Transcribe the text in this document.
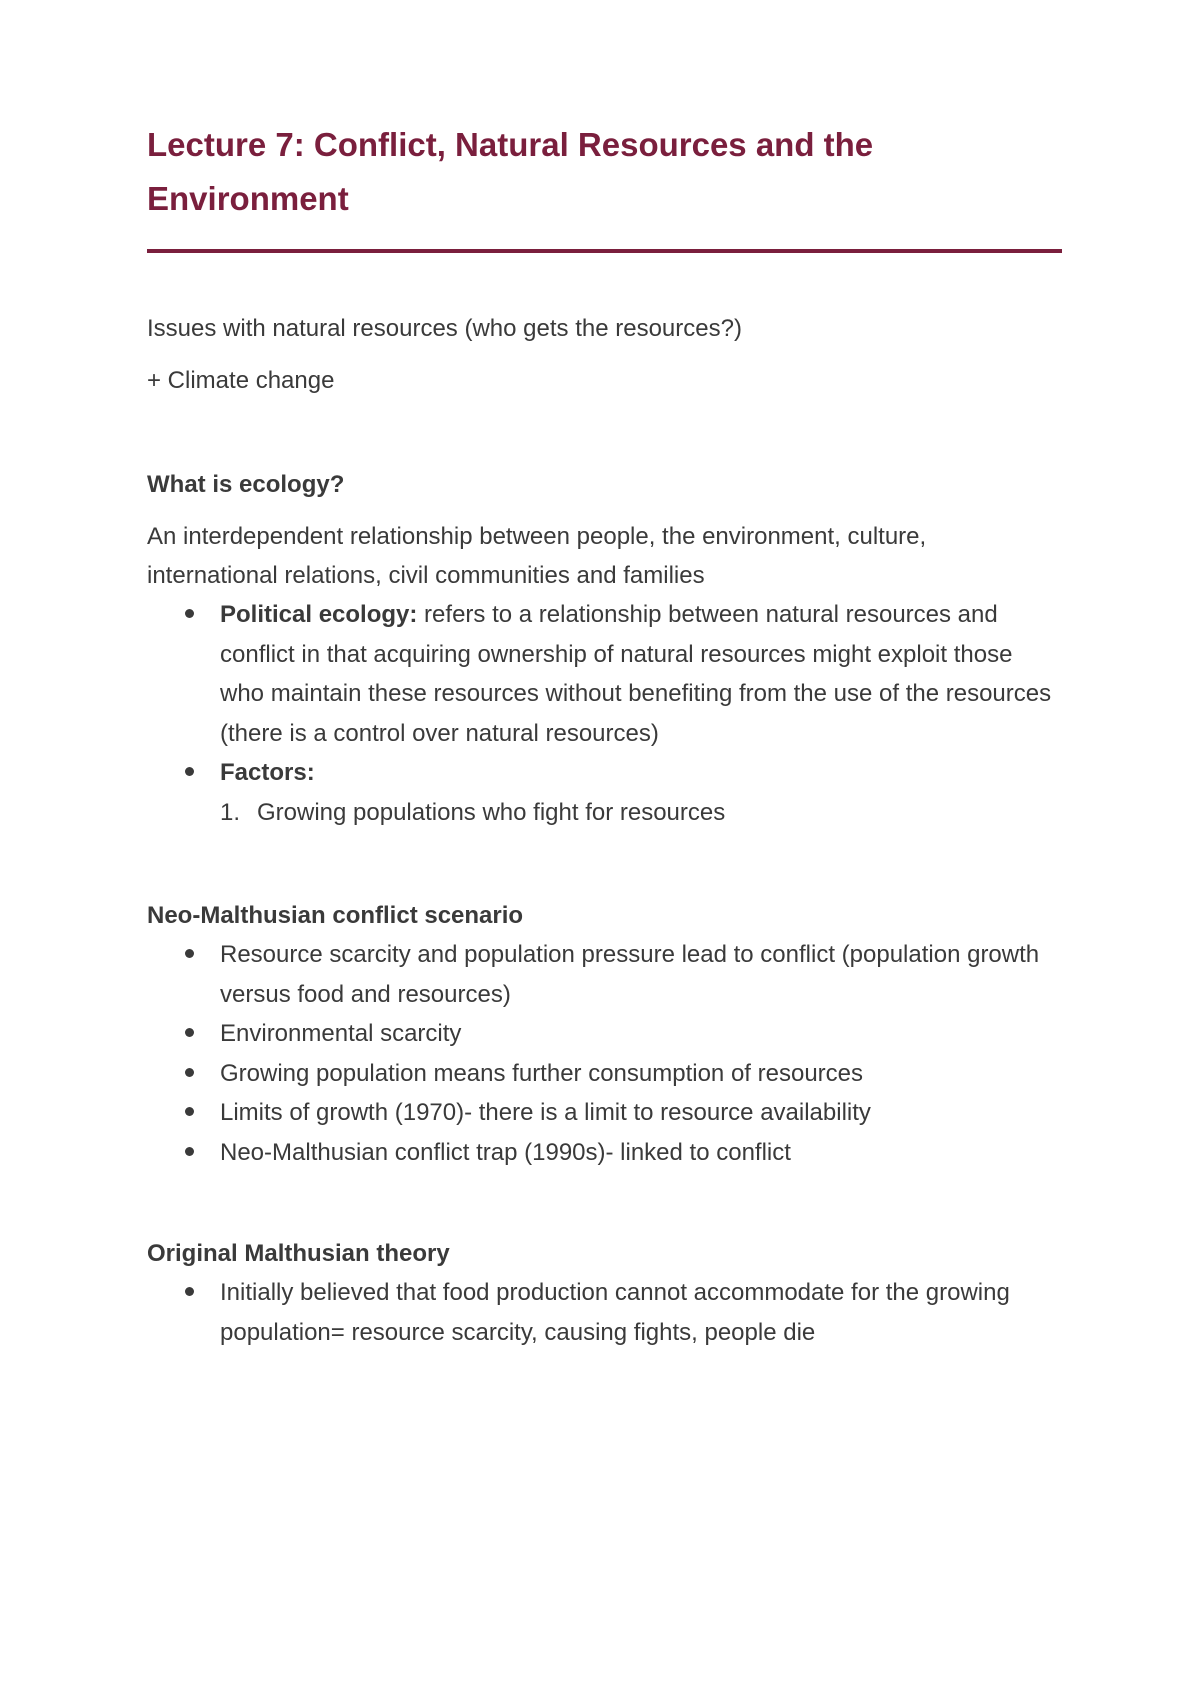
Lecture 7: Conflict, Natural Resources and the Environment

Issues with natural resources (who gets the resources?)

+ Climate change

What is ecology?

An interdependent relationship between people, the environment, culture, international relations, civil communities and families

Political ecology: refers to a relationship between natural resources and conflict in that acquiring ownership of natural resources might exploit those who maintain these resources without benefiting from the use of the resources (there is a control over natural resources)
Factors:
1. Growing populations who fight for resources
Neo-Malthusian conflict scenario
Resource scarcity and population pressure lead to conflict (population growth versus food and resources)
Environmental scarcity
Growing population means further consumption of resources
Limits of growth (1970)- there is a limit to resource availability
Neo-Malthusian conflict trap (1990s)- linked to conflict
Original Malthusian theory
Initially believed that food production cannot accommodate for the growing population= resource scarcity, causing fights, people die
